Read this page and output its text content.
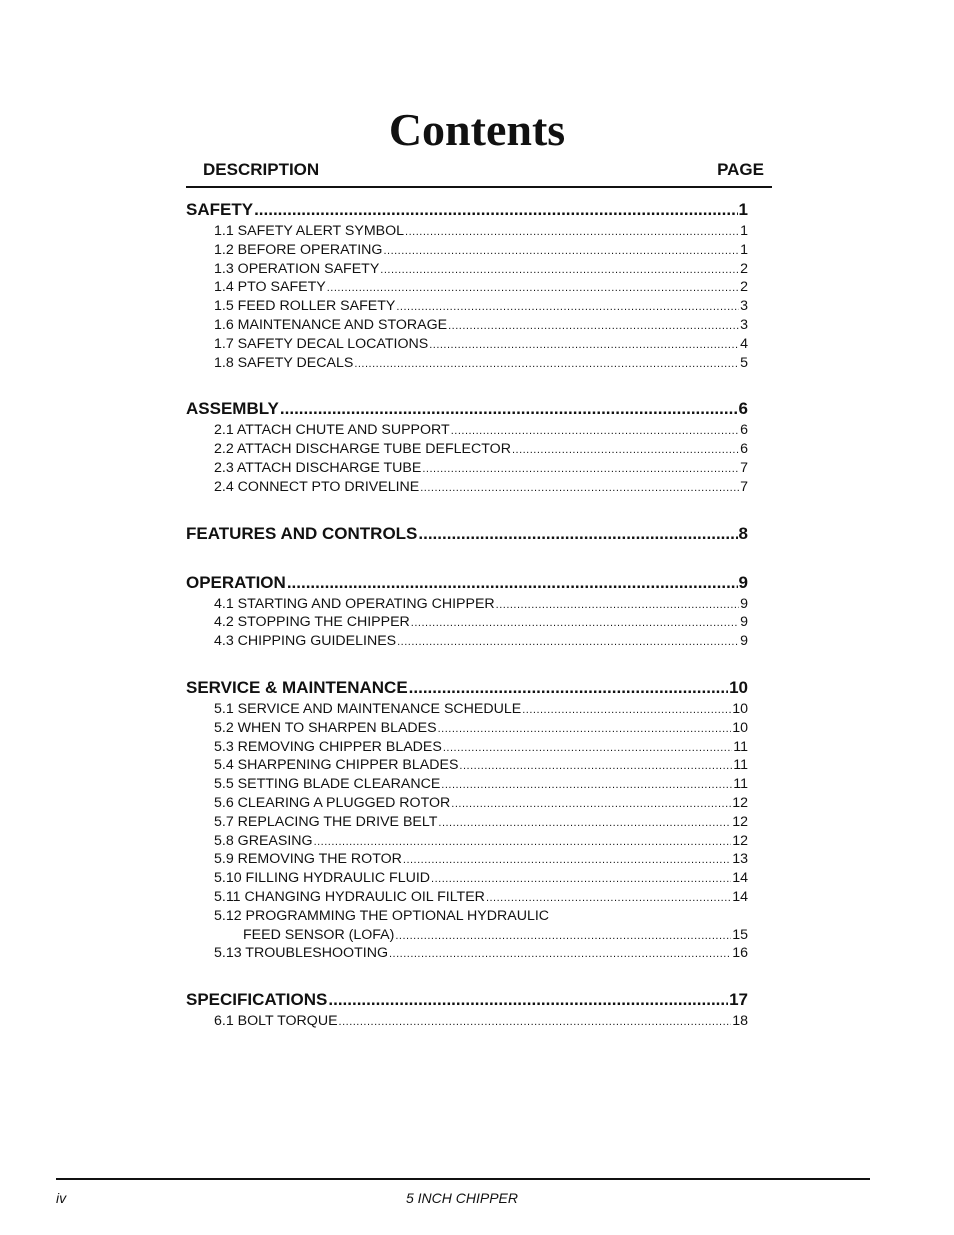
Contents
DESCRIPTION	PAGE
SAFETY .....	1
1.1 SAFETY ALERT SYMBOL .....	1
1.2 BEFORE OPERATING .....	1
1.3 OPERATION SAFETY .....	2
1.4 PTO SAFETY .....	2
1.5 FEED ROLLER SAFETY .....	3
1.6 MAINTENANCE AND STORAGE .....	3
1.7 SAFETY DECAL LOCATIONS .....	4
1.8 SAFETY DECALS .....	5
ASSEMBLY .....	6
2.1 ATTACH CHUTE AND SUPPORT .....	6
2.2 ATTACH DISCHARGE TUBE DEFLECTOR .....	6
2.3 ATTACH DISCHARGE TUBE .....	7
2.4 CONNECT PTO DRIVELINE .....	7
FEATURES AND CONTROLS .....	8
OPERATION .....	9
4.1 STARTING AND OPERATING CHIPPER .....	9
4.2 STOPPING THE CHIPPER .....	9
4.3 CHIPPING GUIDELINES .....	9
SERVICE & MAINTENANCE .....	10
5.1 SERVICE AND MAINTENANCE SCHEDULE .....	10
5.2 WHEN TO SHARPEN BLADES .....	10
5.3 REMOVING CHIPPER BLADES .....	11
5.4 SHARPENING CHIPPER BLADES .....	11
5.5 SETTING BLADE CLEARANCE .....	11
5.6 CLEARING A PLUGGED ROTOR .....	12
5.7 REPLACING THE DRIVE BELT .....	12
5.8 GREASING .....	12
5.9 REMOVING THE ROTOR .....	13
5.10 FILLING HYDRAULIC FLUID .....	14
5.11 CHANGING HYDRAULIC OIL FILTER .....	14
5.12 PROGRAMMING THE OPTIONAL HYDRAULIC
FEED SENSOR (LOFA) .....	15
5.13 TROUBLESHOOTING .....	16
SPECIFICATIONS .....	17
6.1 BOLT TORQUE .....	18
iv	5 INCH CHIPPER
